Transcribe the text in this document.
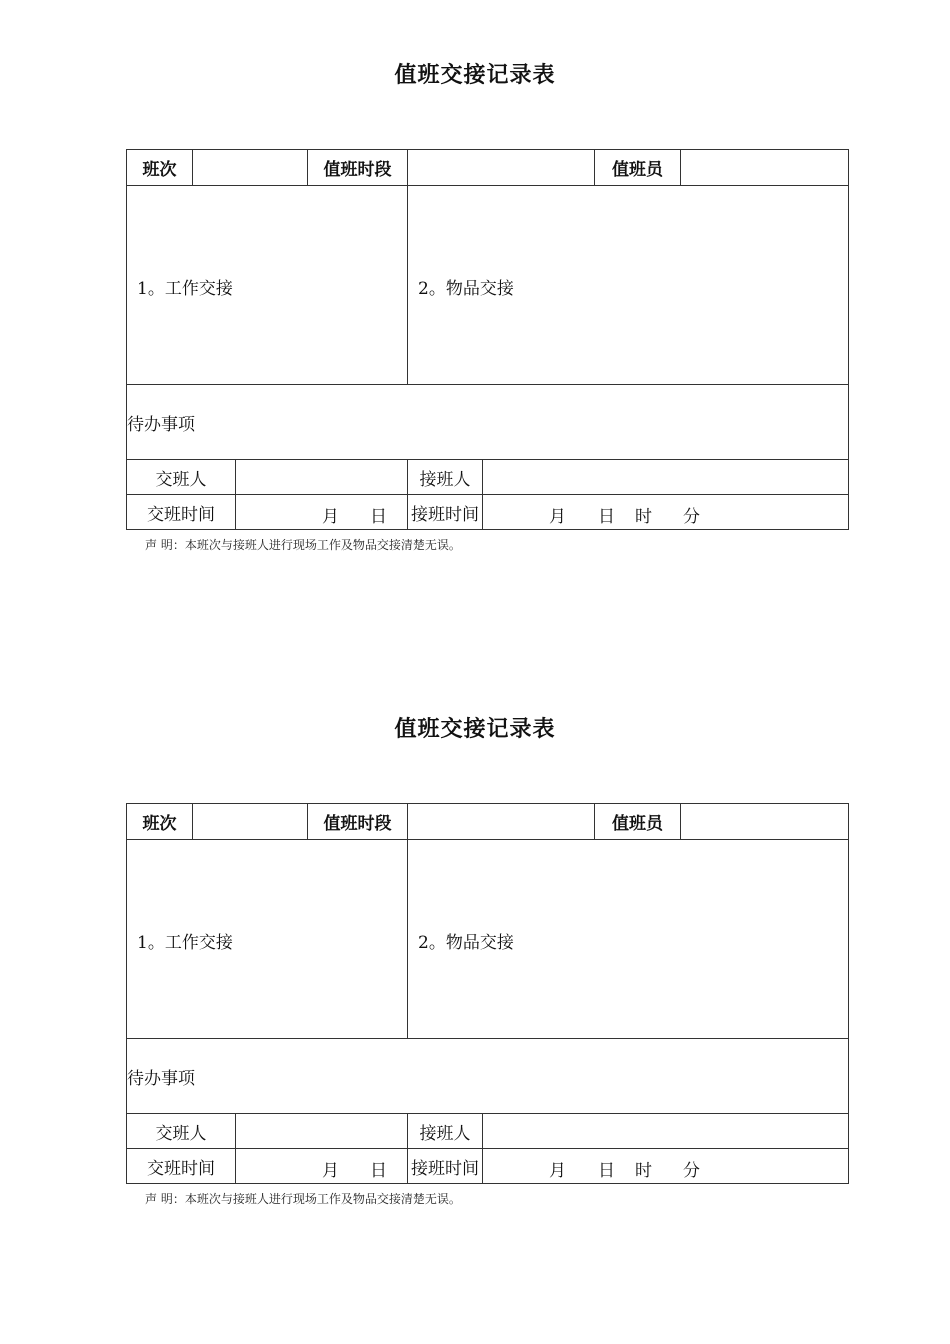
值班交接记录表
班次			值班时段			值班员	

1。工作交接				2。物品交接			

待办事项							
交班人				接班人			
交班时间		月 日		接班时间	月 日 时 分		
声 明：本班次与接班人进行现场工作及物品交接清楚无误。
值班交接记录表
班次			值班时段			值班员	

1。工作交接				2。物品交接			

待办事项							
交班人				接班人			
交班时间		月 日		接班时间	月 日 时 分		
声 明：本班次与接班人进行现场工作及物品交接清楚无误。
